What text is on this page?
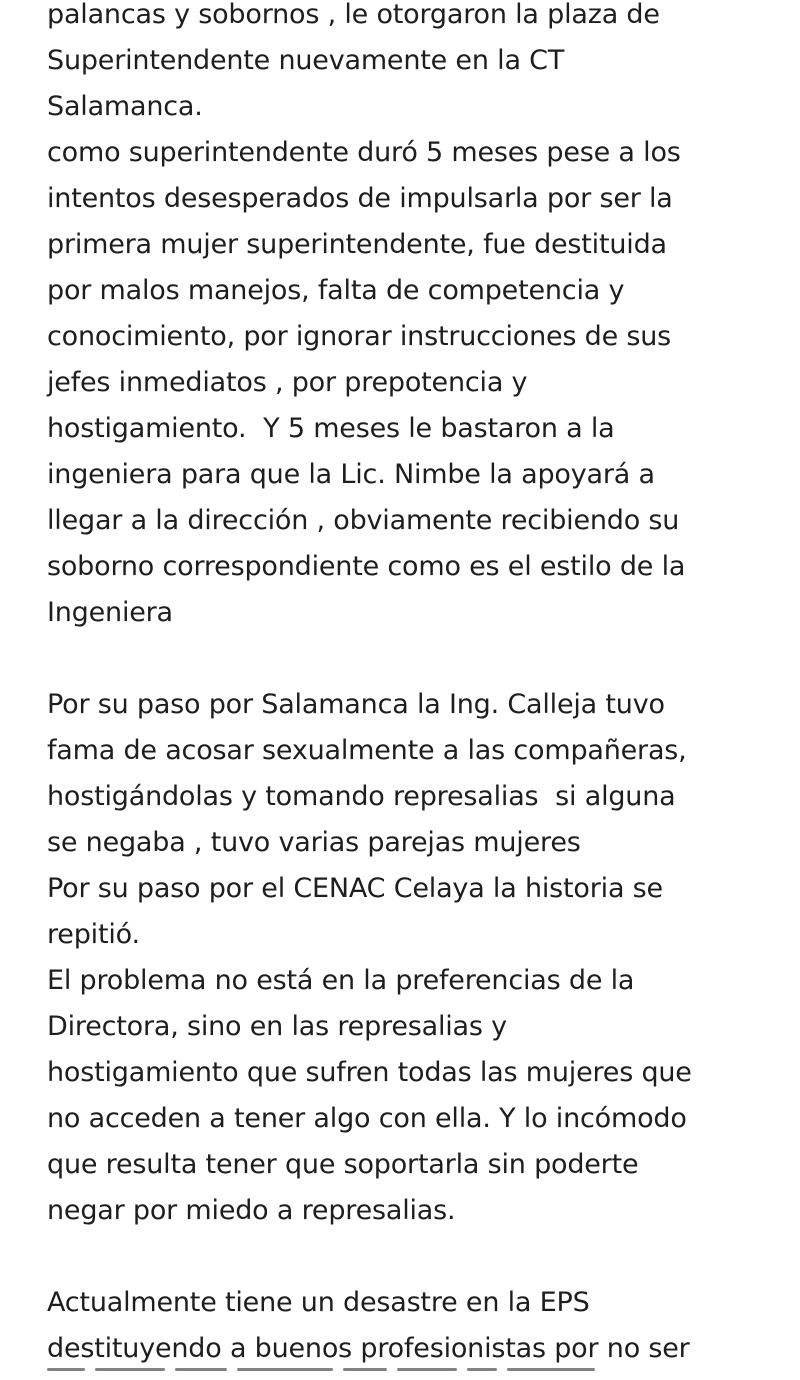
palancas y sobornos , le otorgaron la plaza de
Superintendente nuevamente en la CT
Salamanca.
como superintendente duró 5 meses pese a los
intentos desesperados de impulsarla por ser la
primera mujer superintendente, fue destituida
por malos manejos, falta de competencia y
conocimiento, por ignorar instrucciones de sus
jefes inmediatos , por prepotencia y
hostigamiento.  Y 5 meses le bastaron a la
ingeniera para que la Lic. Nimbe la apoyará a
llegar a la dirección , obviamente recibiendo su
soborno correspondiente como es el estilo de la
Ingeniera
Por su paso por Salamanca la Ing. Calleja tuvo
fama de acosar sexualmente a las compañeras,
hostigándolas y tomando represalias  si alguna
se negaba , tuvo varias parejas mujeres
Por su paso por el CENAC Celaya la historia se
repitió.
El problema no está en la preferencias de la
Directora, sino en las represalias y
hostigamiento que sufren todas las mujeres que
no acceden a tener algo con ella. Y lo incómodo
que resulta tener que soportarla sin poderte
negar por miedo a represalias.
Actualmente tiene un desastre en la EPS
destituyendo a buenos profesionistas por no ser
